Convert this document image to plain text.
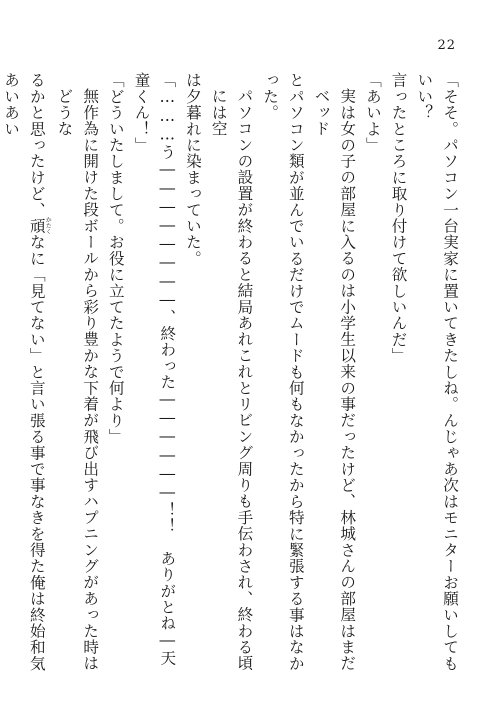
22
「そそ。パソコン一台実家に置いてきたしね。んじゃあ次はモニターお願いしてもいい？
言ったところに取り付けて欲しいんだ」
「あいよ」
実は女の子の部屋に入るのは小学生以来の事だったけど、林城さんの部屋はまだベッド
とパソコン類が並んでいるだけでムードも何もなかったから特に緊張する事はなかった。
パソコンの設置が終わると結局あれこれとリビング周りも手伝わされ、終わる頃には空
は夕暮れに染まっていた。
「………う――――――――、終わった――――――！！　ありがとね―天童くん！」
「どういたしまして。お役に立てたようで何より」
無作為に開けた段ボールから彩り豊かな下着が飛び出すハプニングがあった時はどうな
るかと思ったけど、頑かたくなに「見てない」と言い張る事で事なきを得た俺は終始和気あいあい
